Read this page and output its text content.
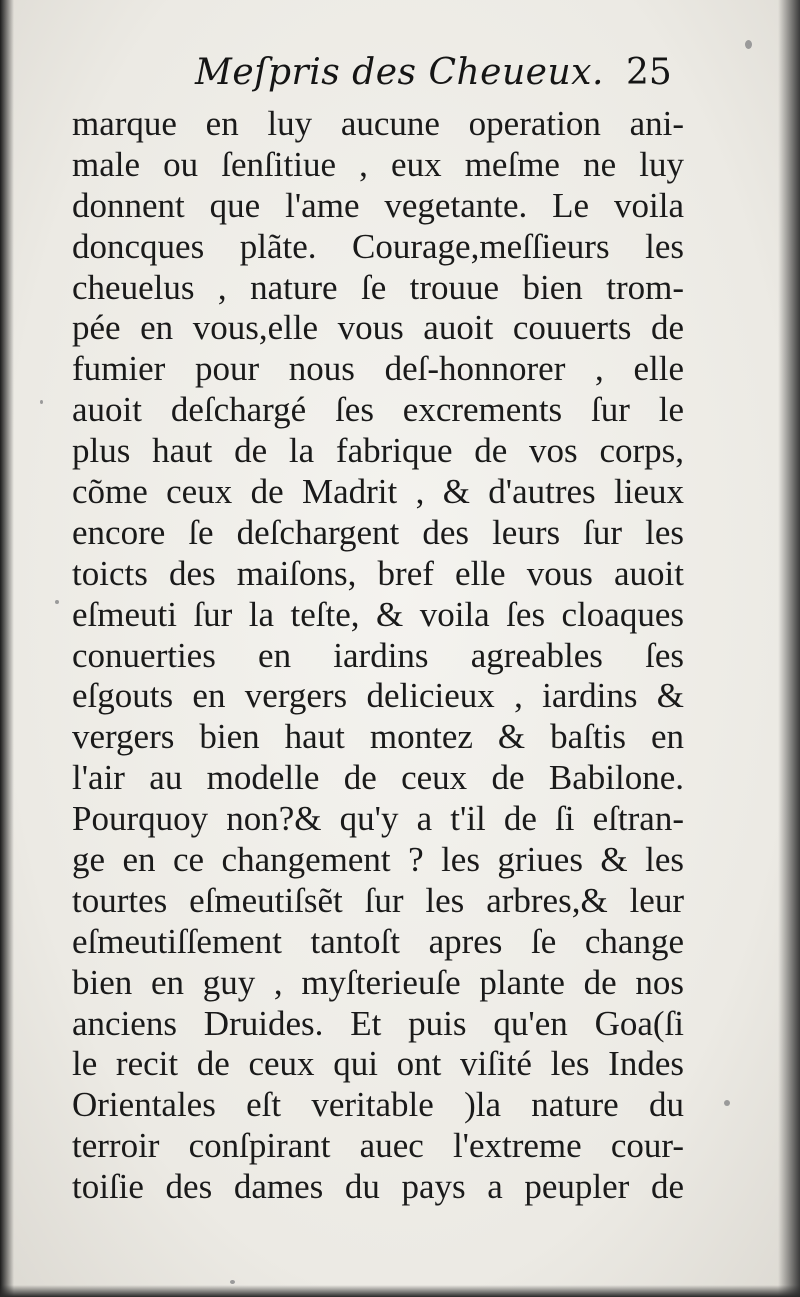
Meſpris des Cheueux. 25
marque en luy aucune operation ani-
male ou ſenſitiue , eux meſme ne luy
donnent que l'ame vegetante. Le voila
doncques plãte. Courage,meſſieurs les
cheuelus , nature ſe trouue bien trom-
pée en vous,elle vous auoit couuerts de
fumier pour nous deſ-honnorer , elle
auoit deſchargé ſes excrements ſur le
plus haut de la fabrique de vos corps,
cõme ceux de Madrit , & d'autres lieux
encore ſe deſchargent des leurs ſur les
toicts des maiſons, bref elle vous auoit
eſmeuti ſur la teſte, & voila ſes cloaques
conuerties en iardins agreables ſes
eſgouts en vergers delicieux , iardins &
vergers bien haut montez & baſtis en
l'air au modelle de ceux de Babilone.
Pourquoy non?& qu'y a t'il de ſi eſtran-
ge en ce changement ? les griues & les
tourtes eſmeutiſsẽt ſur les arbres,& leur
eſmeutiſſement tantoſt apres ſe change
bien en guy , myſterieuſe plante de nos
anciens Druides. Et puis qu'en Goa(ſi
le recit de ceux qui ont viſité les Indes
Orientales eſt veritable )la nature du
terroir conſpirant auec l'extreme cour-
toiſie des dames du pays a peupler de
